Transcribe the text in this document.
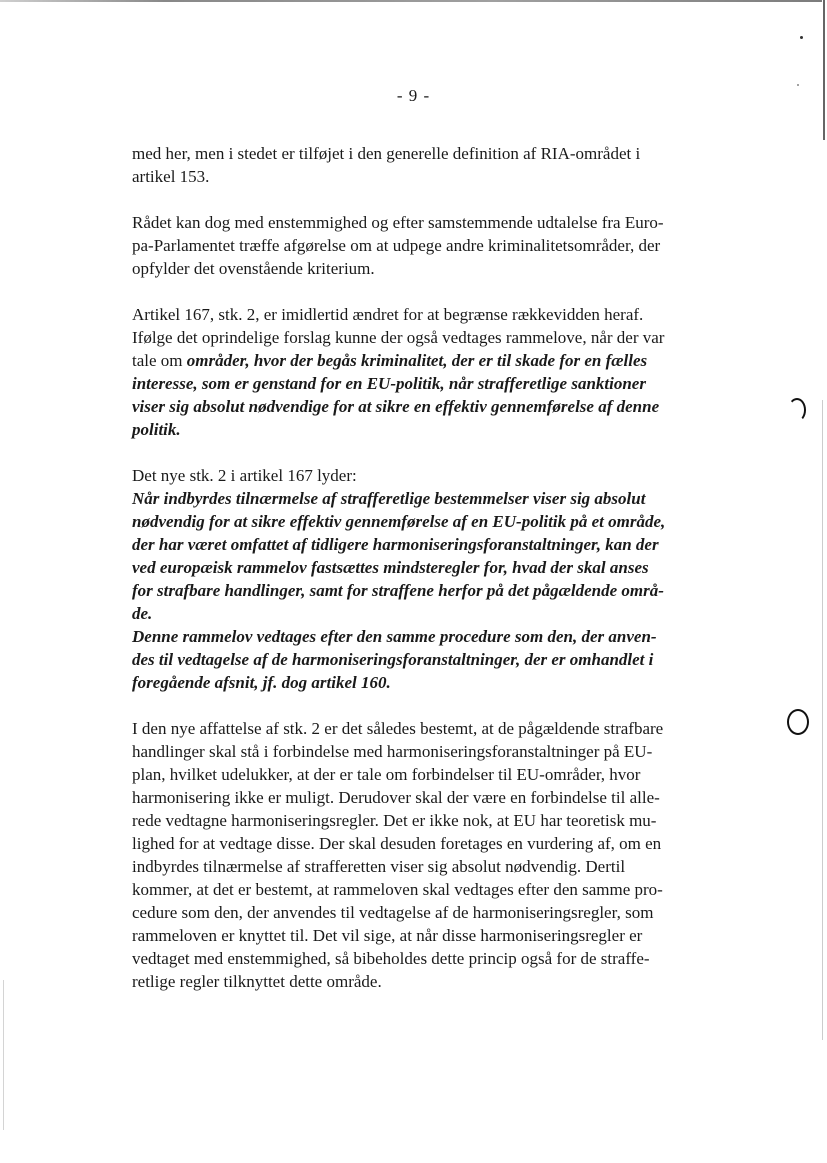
- 9 -

med her, men i stedet er tilføjet i den generelle definition af RIA-området i
artikel 153.

Rådet kan dog med enstemmighed og efter samstemmende udtalelse fra Euro-
pa-Parlamentet træffe afgørelse om at udpege andre kriminalitetsområder, der
opfylder det ovenstående kriterium.

Artikel 167, stk. 2, er imidlertid ændret for at begrænse rækkevidden heraf.
Ifølge det oprindelige forslag kunne der også vedtages rammelove, når der var
tale om områder, hvor der begås kriminalitet, der er til skade for en fælles
interesse, som er genstand for en EU-politik, når strafferetlige sanktioner
viser sig absolut nødvendige for at sikre en effektiv gennemførelse af denne
politik.

Det nye stk. 2 i artikel 167 lyder:
Når indbyrdes tilnærmelse af strafferetlige bestemmelser viser sig absolut
nødvendig for at sikre effektiv gennemførelse af en EU-politik på et område,
der har været omfattet af tidligere harmoniseringsforanstaltninger, kan der
ved europæisk rammelov fastsættes mindsteregler for, hvad der skal anses
for strafbare handlinger, samt for straffene herfor på det pågældende områ-
de.
Denne rammelov vedtages efter den samme procedure som den, der anven-
des til vedtagelse af de harmoniseringsforanstaltninger, der er omhandlet i
foregående afsnit, jf. dog artikel 160.

I den nye affattelse af stk. 2 er det således bestemt, at de pågældende strafbare
handlinger skal stå i forbindelse med harmoniseringsforanstaltninger på EU-
plan, hvilket udelukker, at der er tale om forbindelser til EU-områder, hvor
harmonisering ikke er muligt. Derudover skal der være en forbindelse til alle-
rede vedtagne harmoniseringsregler. Det er ikke nok, at EU har teoretisk mu-
lighed for at vedtage disse. Der skal desuden foretages en vurdering af, om en
indbyrdes tilnærmelse af strafferetten viser sig absolut nødvendig. Dertil
kommer, at det er bestemt, at rammeloven skal vedtages efter den samme pro-
cedure som den, der anvendes til vedtagelse af de harmoniseringsregler, som
rammeloven er knyttet til. Det vil sige, at når disse harmoniseringsregler er
vedtaget med enstemmighed, så bibeholdes dette princip også for de straffe-
retlige regler tilknyttet dette område.
